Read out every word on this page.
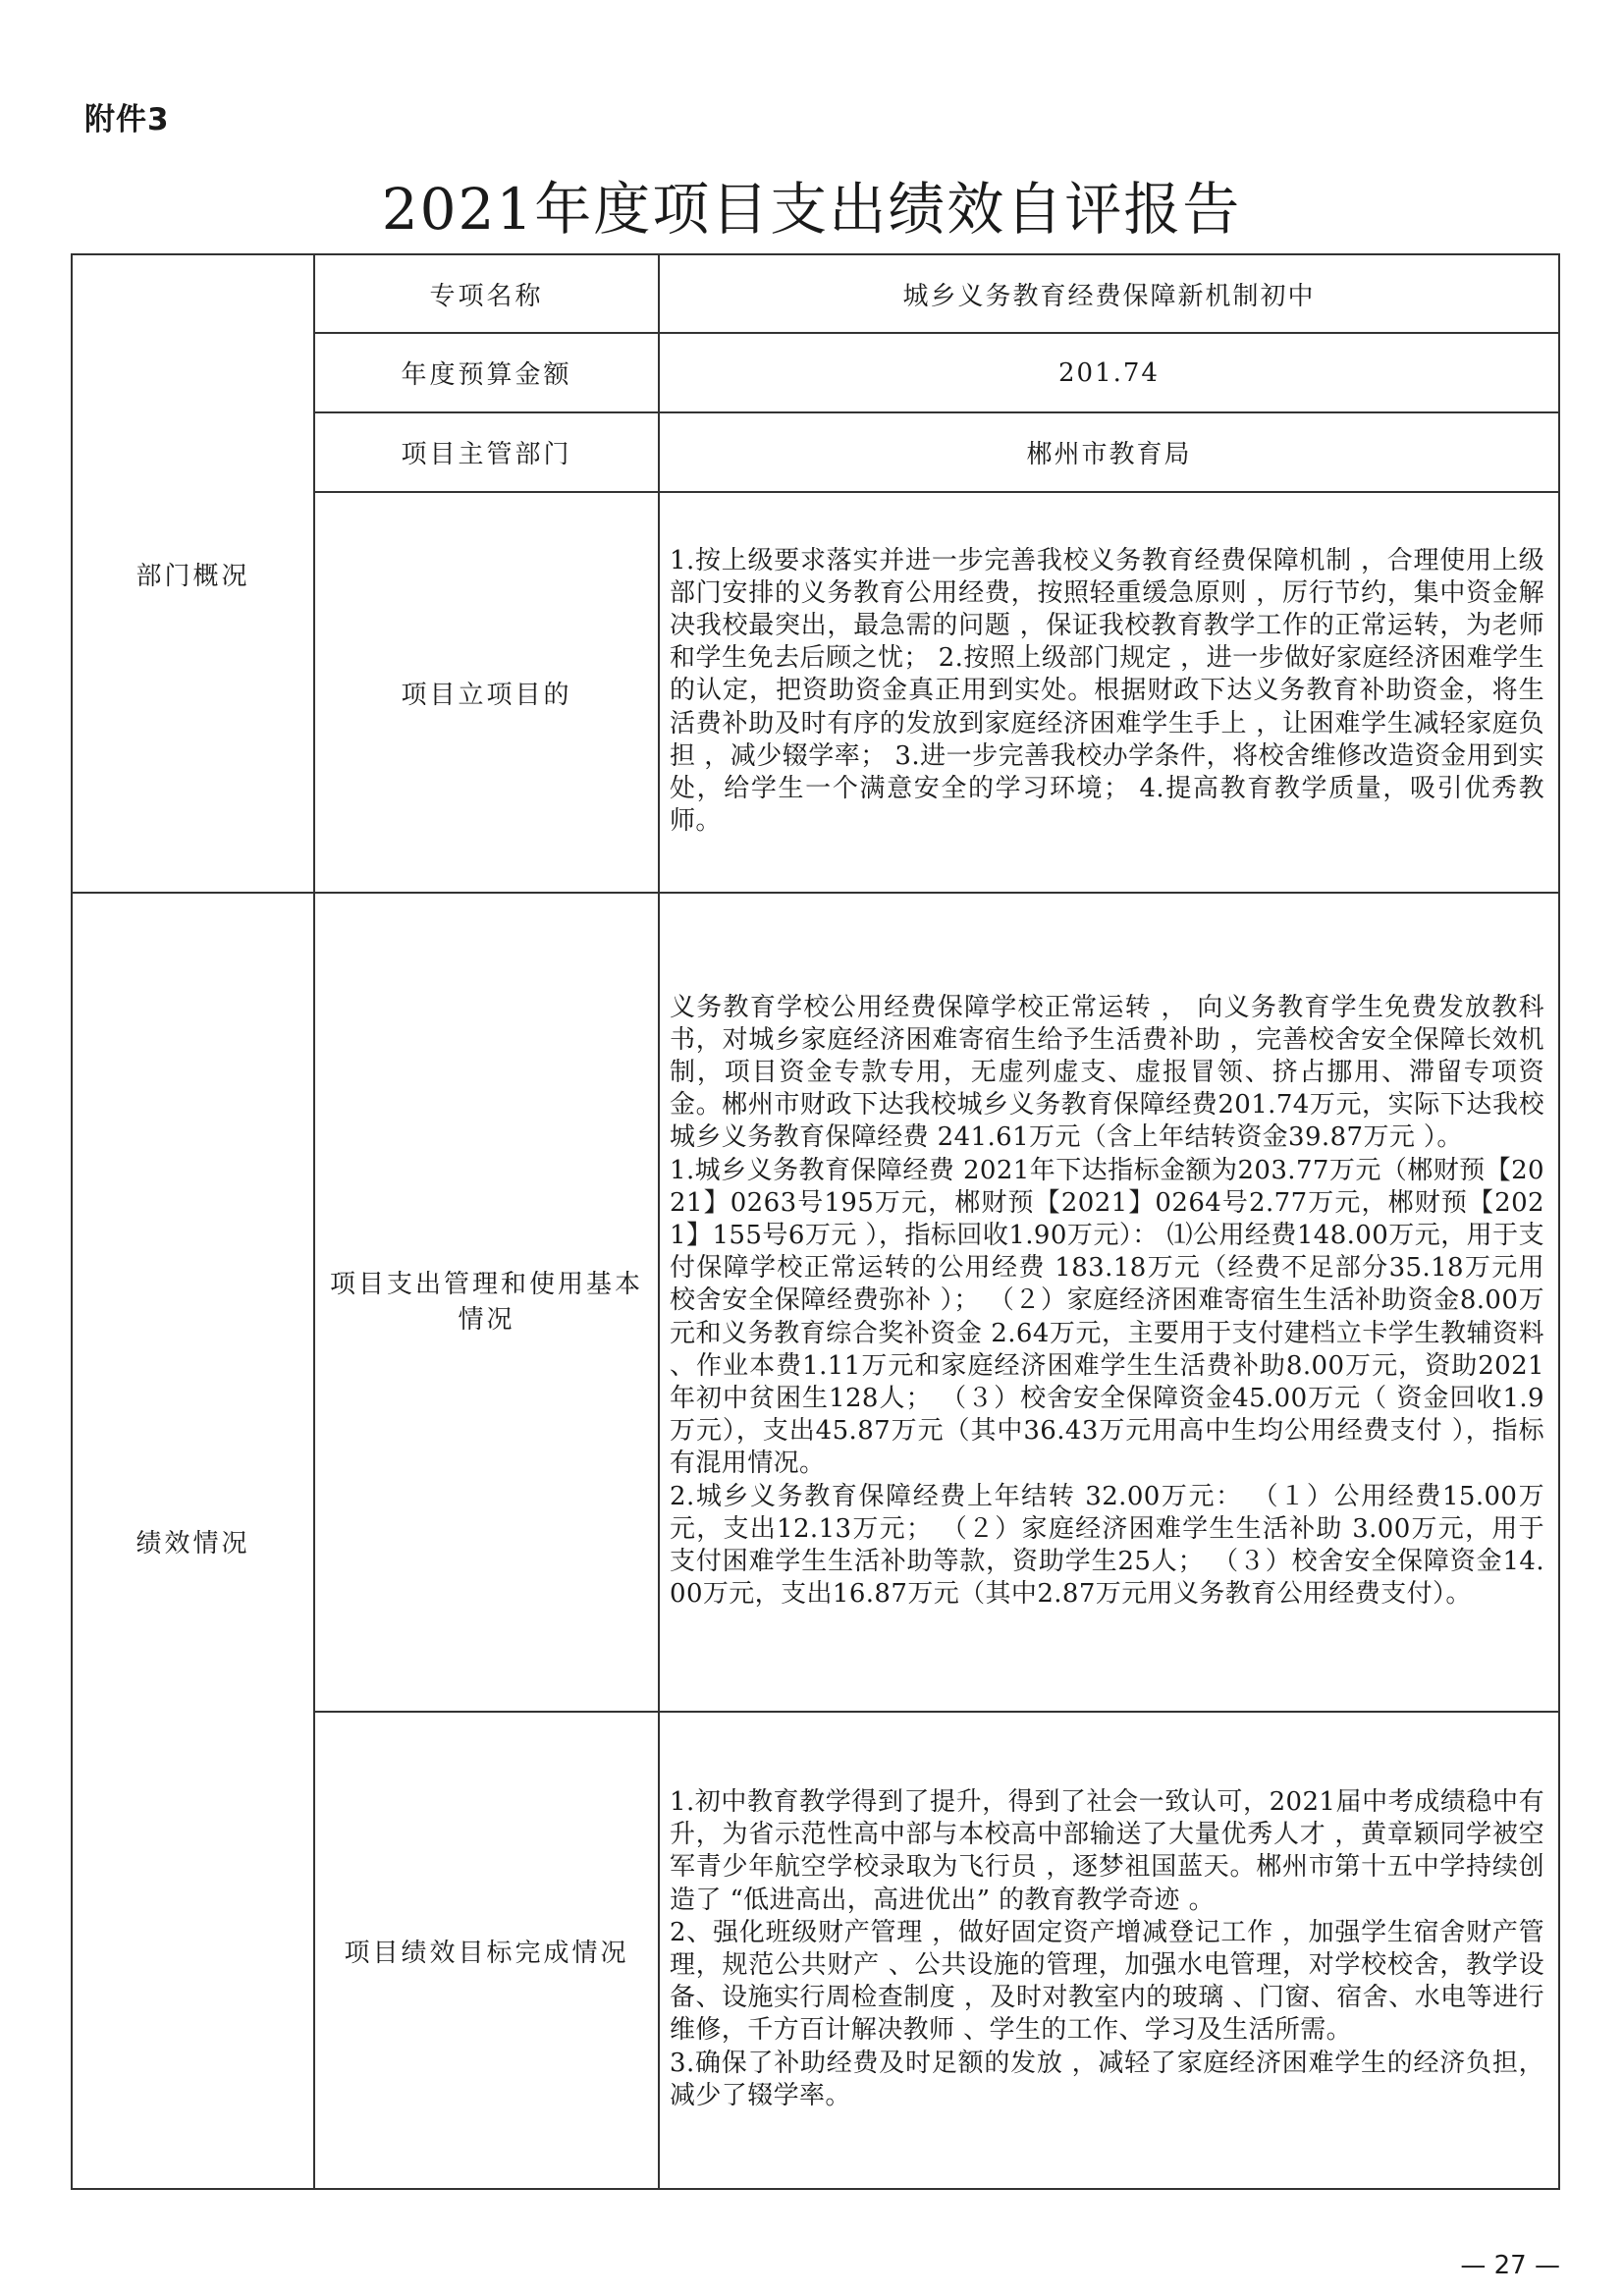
附件3
2021年度项目支出绩效自评报告
部门概况	专项名称	城乡义务教育经费保障新机制初中
	年度预算金额	201.74
	项目主管部门	郴州市教育局
	项目立项目的	1.按上级要求落实并进一步完善我校义务教育经费保障机制 ，合理使用上级部门安排的义务教育公用经费，按照轻重缓急原则 ，厉行节约，集中资金解决我校最突出，最急需的问题 ，保证我校教育教学工作的正常运转，为老师和学生免去后顾之忧； 2.按照上级部门规定 ，进一步做好家庭经济困难学生的认定，把资助资金真正用到实处。根据财政下达义务教育补助资金，将生活费补助及时有序的发放到家庭经济困难学生手上 ，让困难学生减轻家庭负担 ，减少辍学率； 3.进一步完善我校办学条件，将校舍维修改造资金用到实处，给学生一个满意安全的学习环境； 4.提高教育教学质量，吸引优秀教师。

绩效情况	项目支出管理和使用基本情况	义务教育学校公用经费保障学校正常运转 ， 向义务教育学生免费发放教科书，对城乡家庭经济困难寄宿生给予生活费补助 ，完善校舍安全保障长效机制，项目资金专款专用，无虚列虚支、虚报冒领、挤占挪用、滞留专项资金。郴州市财政下达我校城乡义务教育保障经费201.74万元，实际下达我校城乡义务教育保障经费 241.61万元（含上年结转资金39.87万元 ）。
1.城乡义务教育保障经费 2021年下达指标金额为203.77万元（郴财预【2021】0263号195万元，郴财预【2021】0264号2.77万元，郴财预【2021】155号6万元 ），指标回收1.90万元）： ⑴公用经费148.00万元，用于支付保障学校正常运转的公用经费 183.18万元（经费不足部分35.18万元用校舍安全保障经费弥补 ）； （２）家庭经济困难寄宿生生活补助资金8.00万元和义务教育综合奖补资金 2.64万元，主要用于支付建档立卡学生教辅资料 、作业本费1.11万元和家庭经济困难学生生活费补助8.00万元，资助2021年初中贫困生128人； （３）校舍安全保障资金45.00万元（ 资金回收1.9万元），支出45.87万元（其中36.43万元用高中生均公用经费支付 ），指标有混用情况。
2.城乡义务教育保障经费上年结转 32.00万元： （１）公用经费15.00万元，支出12.13万元； （２）家庭经济困难学生生活补助 3.00万元，用于支付困难学生生活补助等款，资助学生25人； （３）校舍安全保障资金14.00万元，支出16.87万元（其中2.87万元用义务教育公用经费支付）。

	项目绩效目标完成情况	1.初中教育教学得到了提升，得到了社会一致认可，2021届中考成绩稳中有升，为省示范性高中部与本校高中部输送了大量优秀人才 ，黄章颖同学被空军青少年航空学校录取为飞行员 ，逐梦祖国蓝天。郴州市第十五中学持续创造了 “低进高出，高进优出” 的教育教学奇迹 。
2、强化班级财产管理 ，做好固定资产增减登记工作 ，加强学生宿舍财产管理，规范公共财产 、公共设施的管理，加强水电管理，对学校校舍，教学设备、设施实行周检查制度 ，及时对教室内的玻璃 、门窗、宿舍、水电等进行维修，千方百计解决教师 、学生的工作、学习及生活所需。
3.确保了补助经费及时足额的发放 ，减轻了家庭经济困难学生的经济负担，减少了辍学率。

— 27 —
